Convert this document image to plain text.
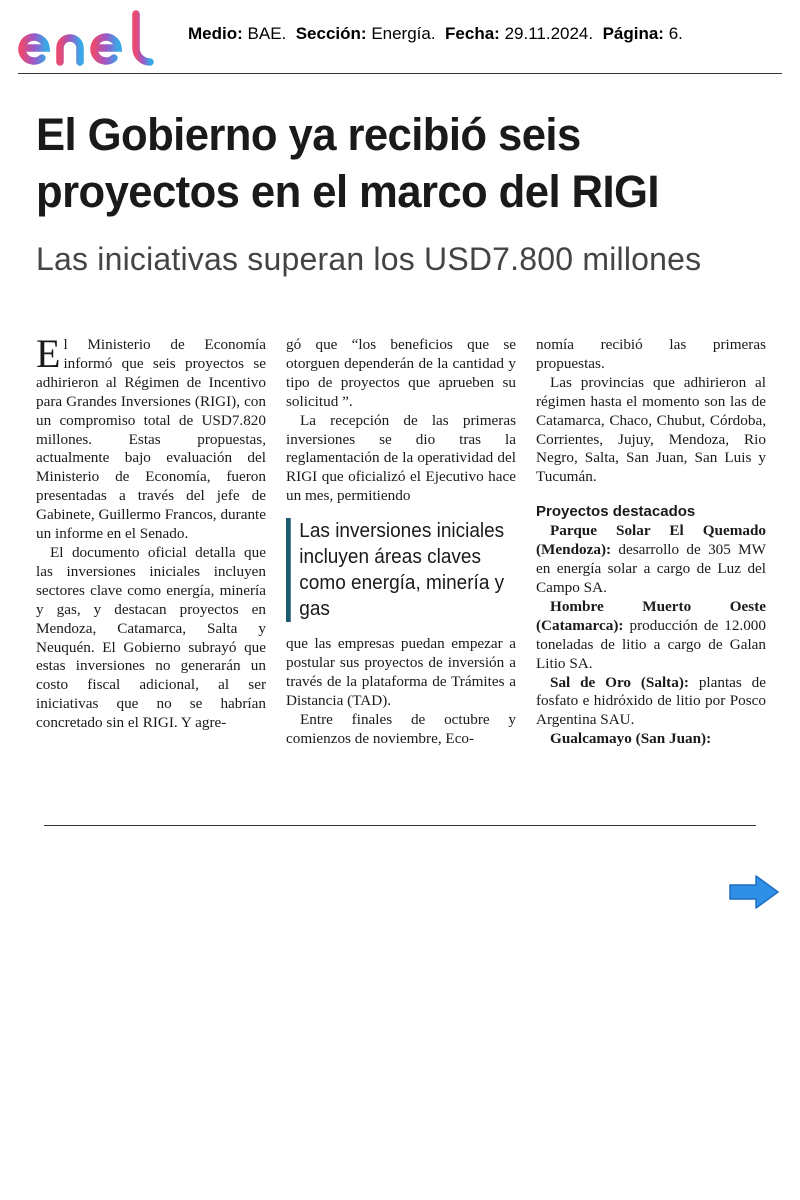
Medio: BAE. Sección: Energía. Fecha: 29.11.2024. Página: 6.
El Gobierno ya recibió seis proyectos en el marco del RIGI
Las iniciativas superan los USD7.800 millones

El Ministerio de Economía informó que seis proyectos se adhirieron al Régimen de Incentivo para Grandes Inversiones (RIGI), con un compromiso total de USD7.820 millones. Estas propuestas, actualmente bajo evaluación del Ministerio de Economía, fueron presentadas a través del jefe de Gabinete, Guillermo Francos, durante un informe en el Senado.

El documento oficial detalla que las inversiones iniciales incluyen sectores clave como energía, minería y gas, y destacan proyectos en Mendoza, Catamarca, Salta y Neuquén. El Gobierno subrayó que estas inversiones no generarán un costo fiscal adicional, al ser iniciativas que no se habrían concretado sin el RIGI. Y agre-

gó que “los beneficios que se otorguen dependerán de la cantidad y tipo de proyectos que aprueben su solicitud ”.

La recepción de las primeras inversiones se dio tras la reglamentación de la operatividad del RIGI que oficializó el Ejecutivo hace un mes, permitiendo

Las inversiones iniciales incluyen áreas claves como energía, minería y gas

que las empresas puedan empezar a postular sus proyectos de inversión a través de la plataforma de Trámites a Distancia (TAD).

Entre finales de octubre y comienzos de noviembre, Eco-

nomía recibió las primeras propuestas.

Las provincias que adhirieron al régimen hasta el momento son las de Catamarca, Chaco, Chubut, Córdoba, Corrientes, Jujuy, Mendoza, Rio Negro, Salta, San Juan, San Luis y Tucumán.

Proyectos destacados

Parque Solar El Quemado (Mendoza): desarrollo de 305 MW en energía solar a cargo de Luz del Campo SA.

Hombre Muerto Oeste (Catamarca): producción de 12.000 toneladas de litio a cargo de Galan Litio SA.

Sal de Oro (Salta): plantas de fosfato e hidróxido de litio por Posco Argentina SAU.

Gualcamayo (San Juan):
